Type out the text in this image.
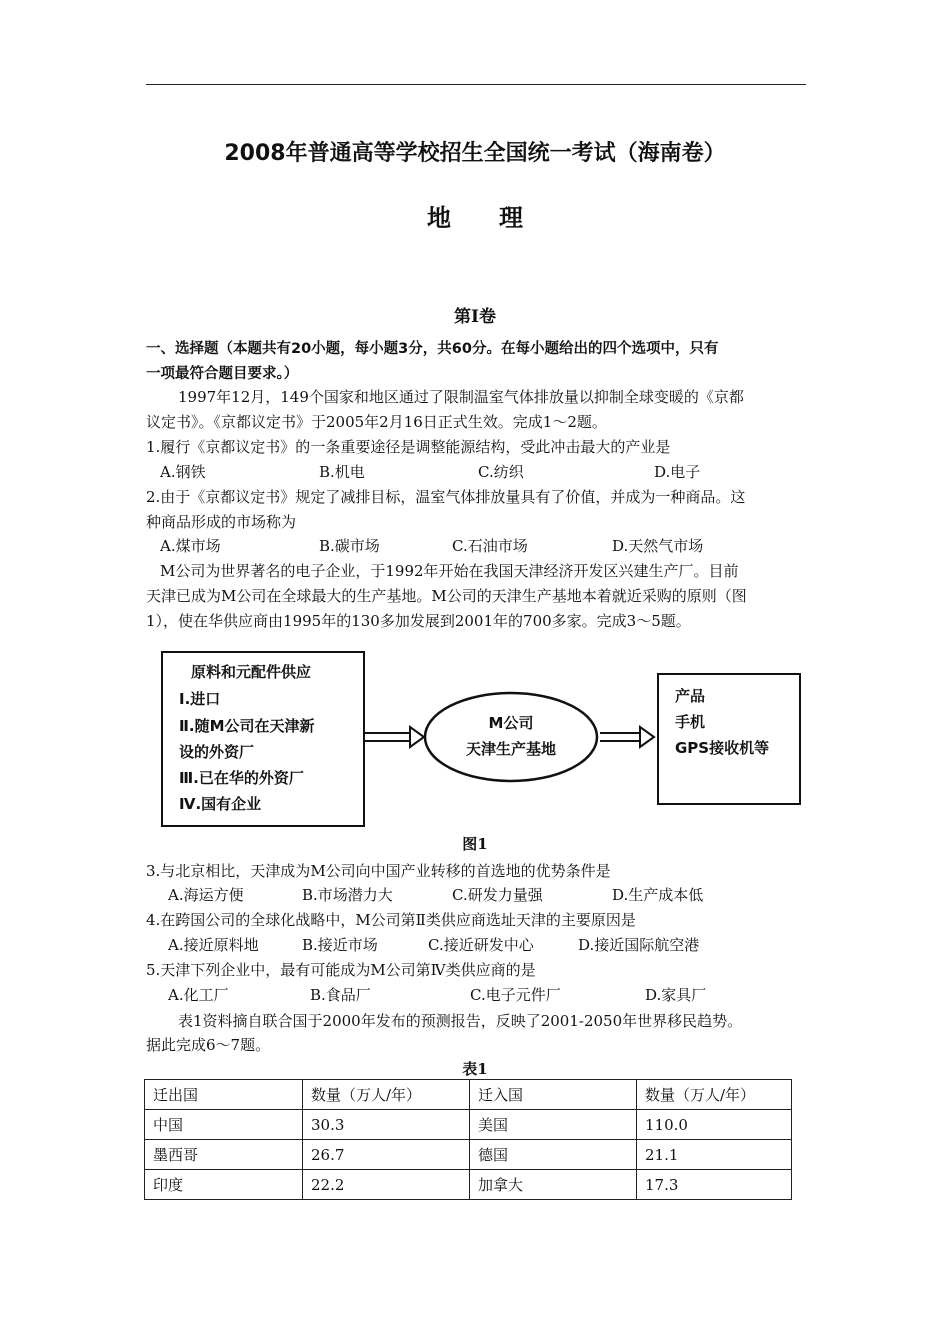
2008年普通高等学校招生全国统一考试（海南卷）
地　　理
第Ⅰ卷
一、选择题（本题共有20小题，每小题3分，共60分。在每小题给出的四个选项中，只有
一项最符合题目要求。）
1997年12月，149个国家和地区通过了限制温室气体排放量以抑制全球变暖的《京都
议定书》。《京都议定书》于2005年2月16日正式生效。完成1～2题。
1.履行《京都议定书》的一条重要途径是调整能源结构，受此冲击最大的产业是
A.钢铁	B.机电	C.纺织	D.电子
2.由于《京都议定书》规定了减排目标，温室气体排放量具有了价值，并成为一种商品。这
种商品形成的市场称为
A.煤市场	B.碳市场	C.石油市场	D.天然气市场
M公司为世界著名的电子企业，于1992年开始在我国天津经济开发区兴建生产厂。目前
天津已成为M公司在全球最大的生产基地。M公司的天津生产基地本着就近采购的原则（图
1），使在华供应商由1995年的130多加发展到2001年的700多家。完成3～5题。
原料和元配件供应
Ⅰ.进口
Ⅱ.随M公司在天津新
设的外资厂
Ⅲ.已在华的外资厂
Ⅳ.国有企业
M公司
天津生产基地
产品
手机
GPS接收机等
图1
3.与北京相比，天津成为M公司向中国产业转移的首选地的优势条件是
A.海运方便	B.市场潜力大	C.研发力量强	D.生产成本低
4.在跨国公司的全球化战略中，M公司第Ⅱ类供应商选址天津的主要原因是
A.接近原料地	B.接近市场	C.接近研发中心	D.接近国际航空港
5.天津下列企业中，最有可能成为M公司第Ⅳ类供应商的是
A.化工厂	B.食品厂	C.电子元件厂	D.家具厂
表1资料摘自联合国于2000年发布的预测报告，反映了2001-2050年世界移民趋势。
据此完成6～7题。
表1
迁出国	数量（万人/年）	迁入国	数量（万人/年）
中国	30.3	美国	110.0
墨西哥	26.7	德国	21.1
印度	22.2	加拿大	17.3
